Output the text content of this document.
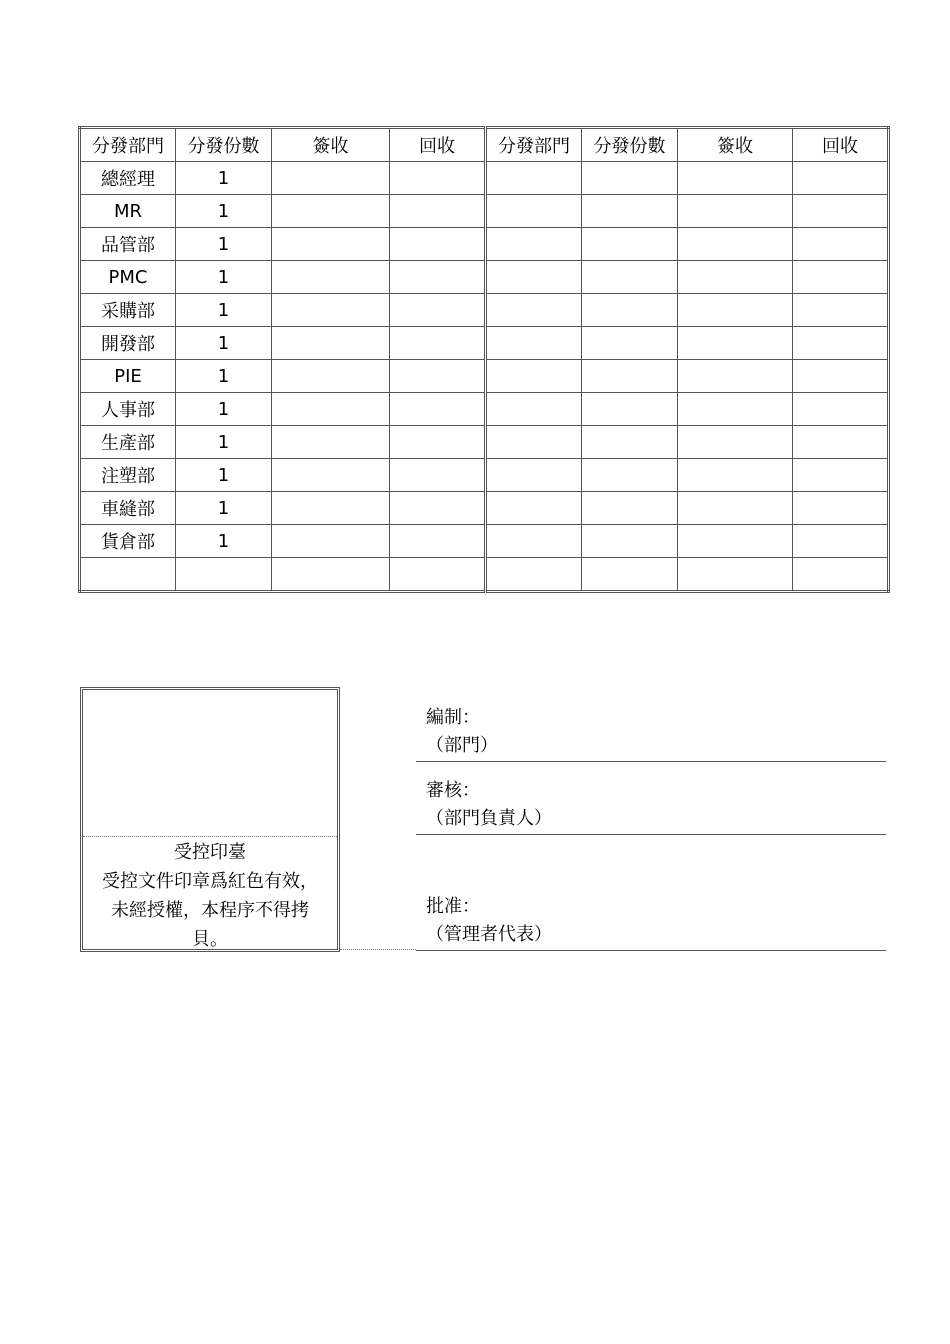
分發部門	分發份數	簽收	回收	分發部門	分發份數	簽收	回收
總經理	1						
MR	1						
品管部	1						
PMC	1						
采購部	1						
開發部	1						
PIE	1						
人事部	1						
生產部	1						
注塑部	1						
車縫部	1						
貨倉部	1						

受控印臺
受控文件印章爲紅色有效，
未經授權，本程序不得拷
貝。
編制：
（部門）
審核：
（部門負責人）
批准：
（管理者代表）
